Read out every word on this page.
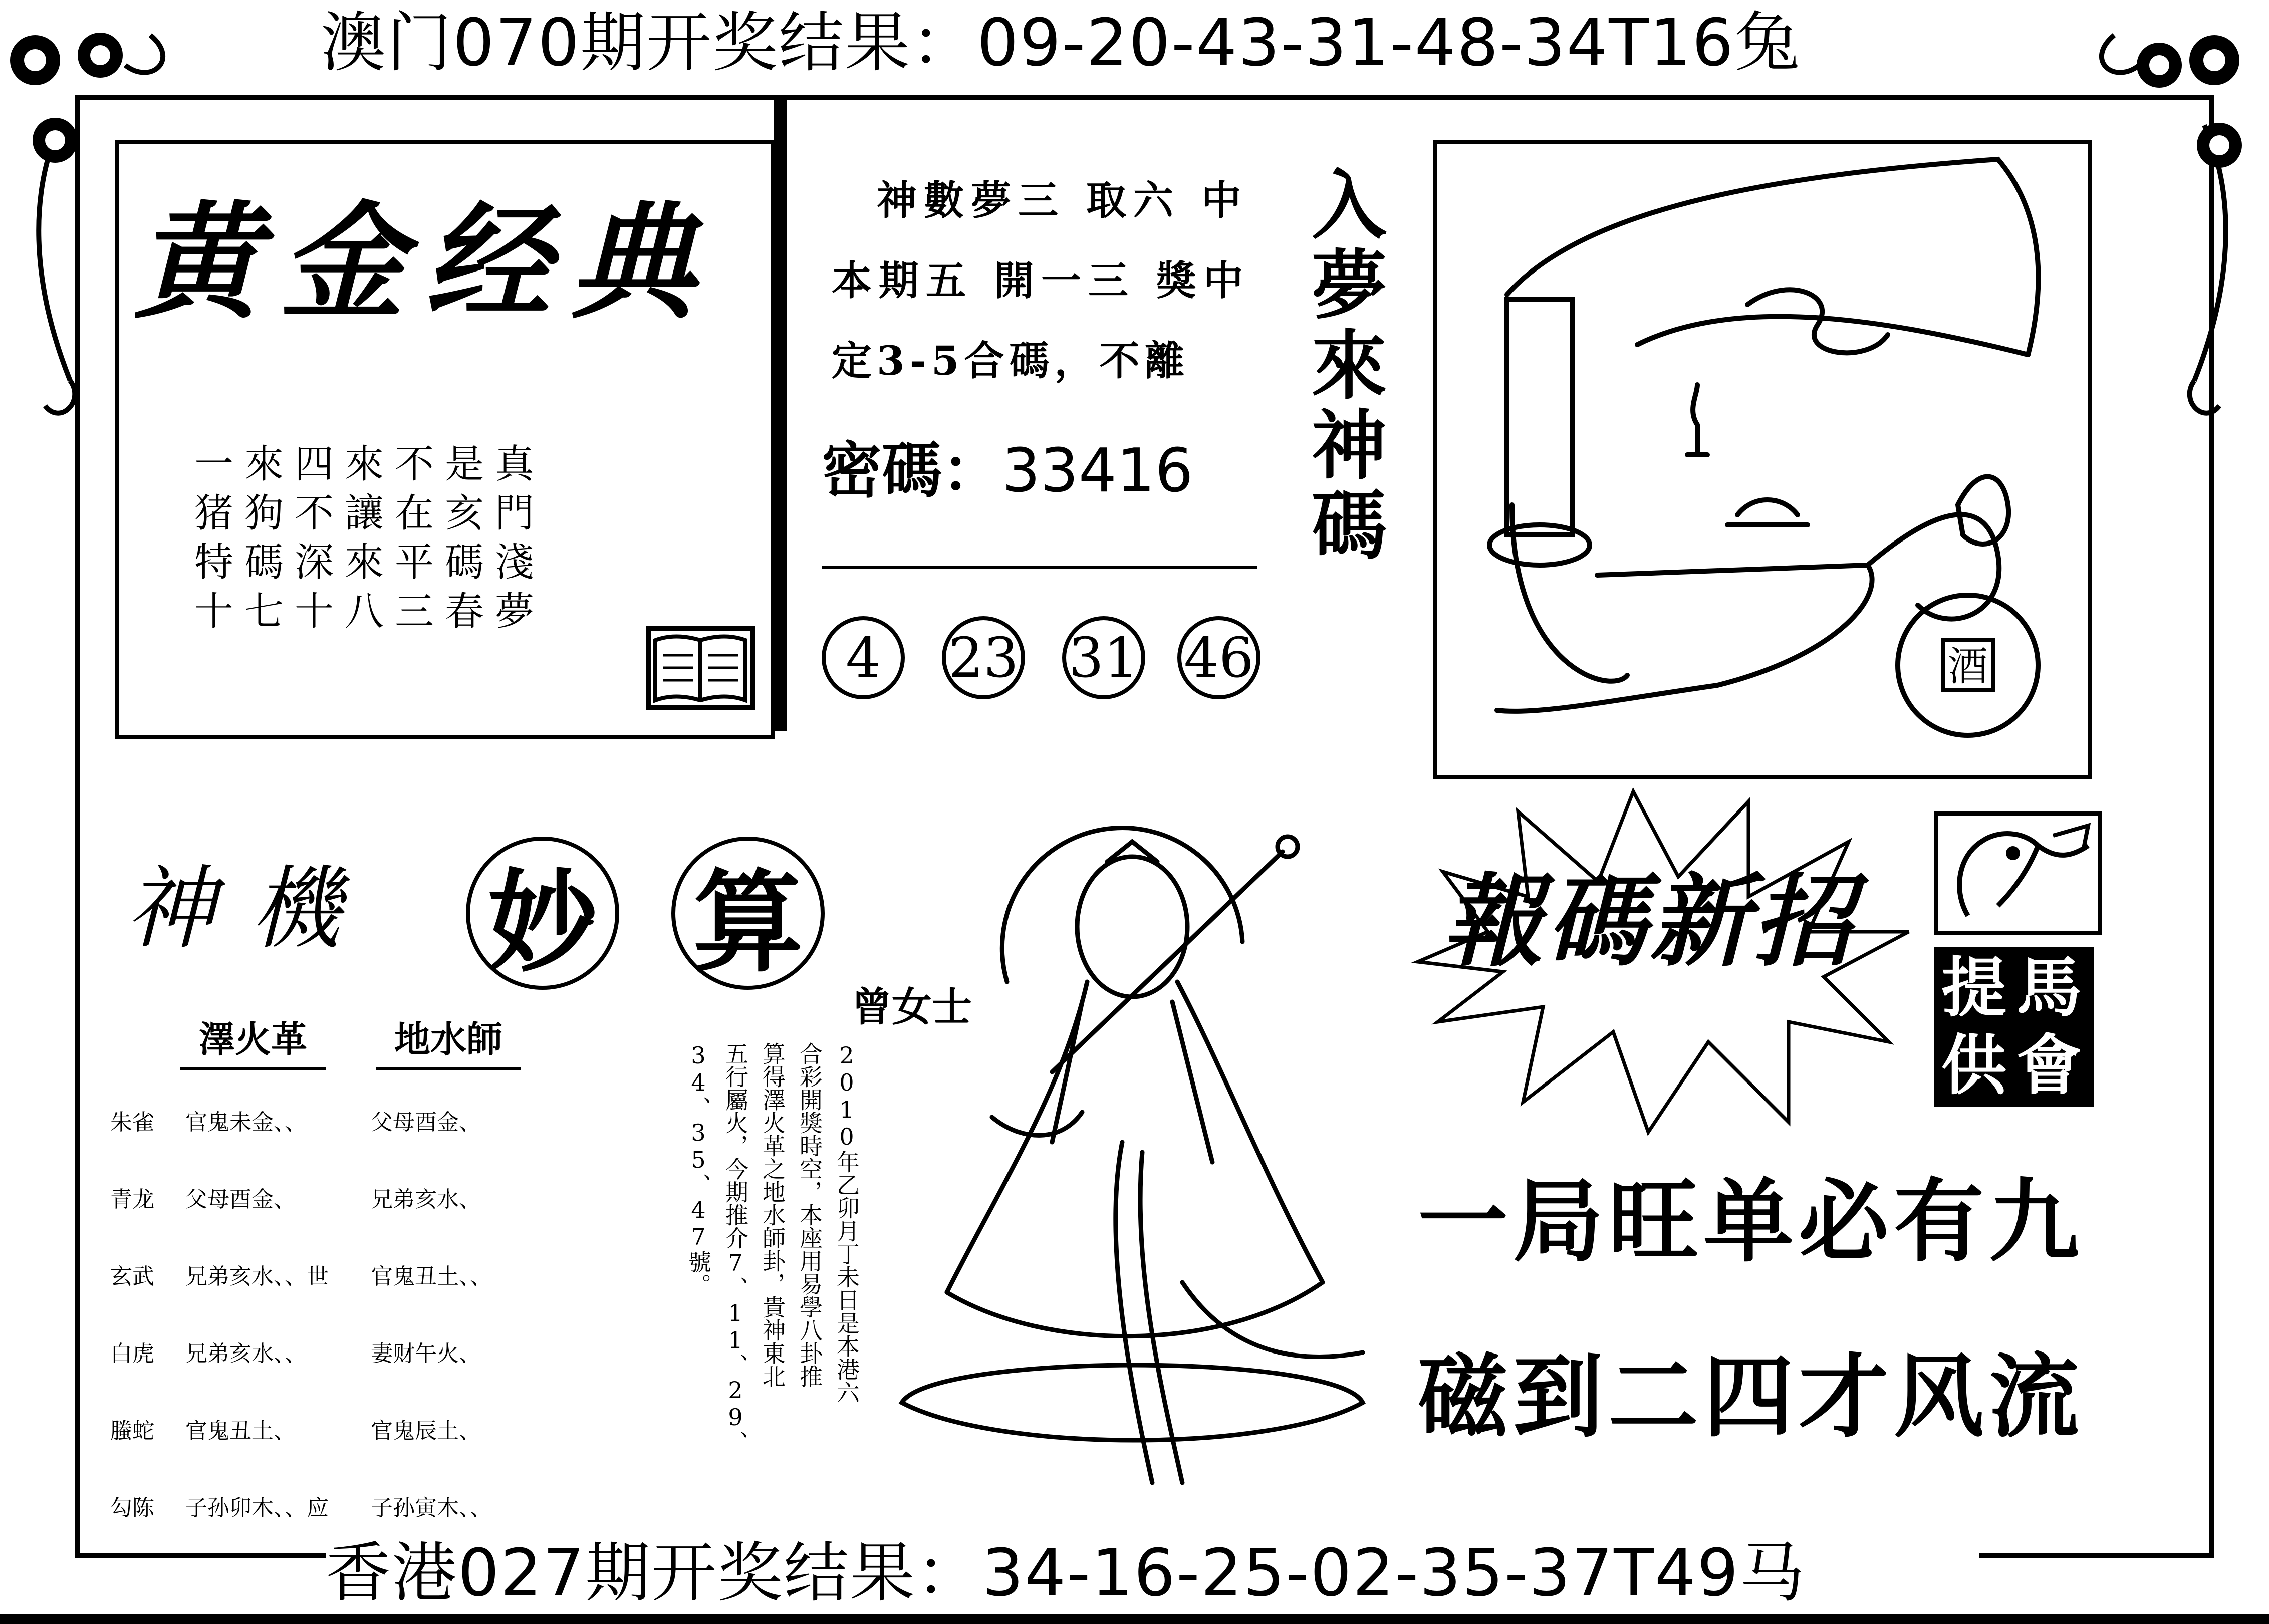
澳门070期开奖结果：09-20-43-31-48-34T16兔
黄金经典
一來四來不是真
猪狗不讓在亥門
特碼深來平碼淺
十七十八三春夢
神數夢三 取六 中
本期五 開一三 獎中
定3-5合碼，不離
密碼：33416
4 23 31 46
入夢來神碼
酒
神 機 妙 算
曾女士
澤火革	地水師
朱雀 官鬼未金、、	父母酉金、
青龙 父母酉金、	兄弟亥水、
玄武 兄弟亥水、、世 官鬼丑土、、
白虎 兄弟亥水、、	妻财午火、
螣蛇 官鬼丑土、	官鬼辰土、
勾陈 子孙卯木、、应 子孙寅木、、
2010年乙卯月丁未日是本港六
合彩開獎時空，本座用易學八卦推
算得澤火革之地水師卦，貴神東北
五行屬火，今期推介7、11、29、
34、35、47號。
報碼新招
提 馬
供 會
一局旺单必有九
磁到二四才风流
香港027期开奖结果：34-16-25-02-35-37T49马
